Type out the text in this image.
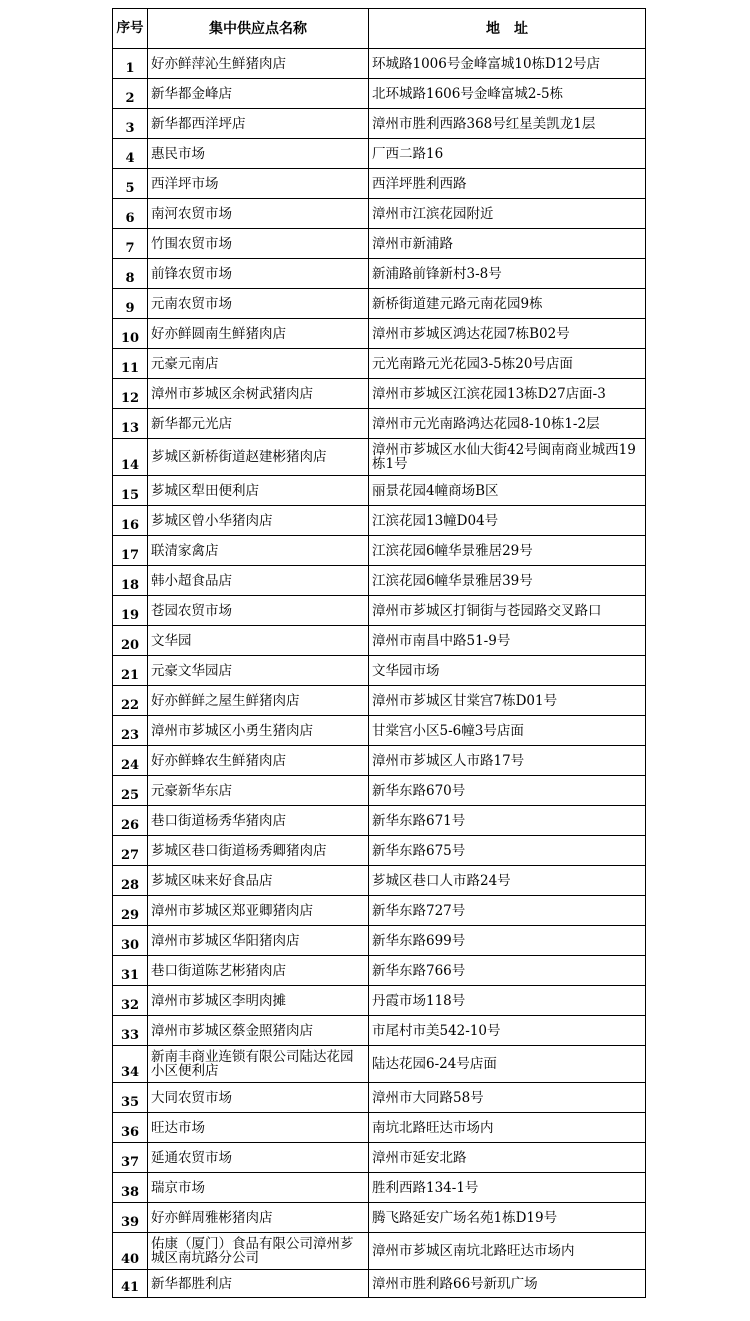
序号	集中供应点名称	地　址
1	好亦鲜萍沁生鲜猪肉店	环城路1006号金峰富城10栋D12号店
2	新华都金峰店	北环城路1606号金峰富城2-5栋
3	新华都西洋坪店	漳州市胜利西路368号红星美凯龙1层
4	惠民市场	厂西二路16
5	西洋坪市场	西洋坪胜利西路
6	南河农贸市场	漳州市江滨花园附近
7	竹围农贸市场	漳州市新浦路
8	前锋农贸市场	新浦路前锋新村3-8号
9	元南农贸市场	新桥街道建元路元南花园9栋
10	好亦鲜圆南生鲜猪肉店	漳州市芗城区鸿达花园7栋B02号
11	元豪元南店	元光南路元光花园3-5栋20号店面
12	漳州市芗城区余树武猪肉店	漳州市芗城区江滨花园13栋D27店面-3
13	新华都元光店	漳州市元光南路鸿达花园8-10栋1-2层
14	芗城区新桥街道赵建彬猪肉店	漳州市芗城区水仙大街42号闽南商业城西19栋1号
15	芗城区犁田便利店	丽景花园4幢商场B区
16	芗城区曾小华猪肉店	江滨花园13幢D04号
17	联清家禽店	江滨花园6幢华景雅居29号
18	韩小超食品店	江滨花园6幢华景雅居39号
19	苍园农贸市场	漳州市芗城区打铜街与苍园路交叉路口
20	文华园	漳州市南昌中路51-9号
21	元豪文华园店	文华园市场
22	好亦鲜鲜之屋生鲜猪肉店	漳州市芗城区甘棠宫7栋D01号
23	漳州市芗城区小勇生猪肉店	甘棠宫小区5-6幢3号店面
24	好亦鲜蜂农生鲜猪肉店	漳州市芗城区人市路17号
25	元豪新华东店	新华东路670号
26	巷口街道杨秀华猪肉店	新华东路671号
27	芗城区巷口街道杨秀卿猪肉店	新华东路675号
28	芗城区味来好食品店	芗城区巷口人市路24号
29	漳州市芗城区郑亚卿猪肉店	新华东路727号
30	漳州市芗城区华阳猪肉店	新华东路699号
31	巷口街道陈艺彬猪肉店	新华东路766号
32	漳州市芗城区李明肉摊	丹霞市场118号
33	漳州市芗城区蔡金照猪肉店	市尾村市美542-10号
34	新南丰商业连锁有限公司陆达花园小区便利店	陆达花园6-24号店面
35	大同农贸市场	漳州市大同路58号
36	旺达市场	南坑北路旺达市场内
37	延通农贸市场	漳州市延安北路
38	瑞京市场	胜利西路134-1号
39	好亦鲜周雅彬猪肉店	腾飞路延安广场名苑1栋D19号
40	佑康（厦门）食品有限公司漳州芗城区南坑路分公司	漳州市芗城区南坑北路旺达市场内
41	新华都胜利店	漳州市胜利路66号新玑广场
